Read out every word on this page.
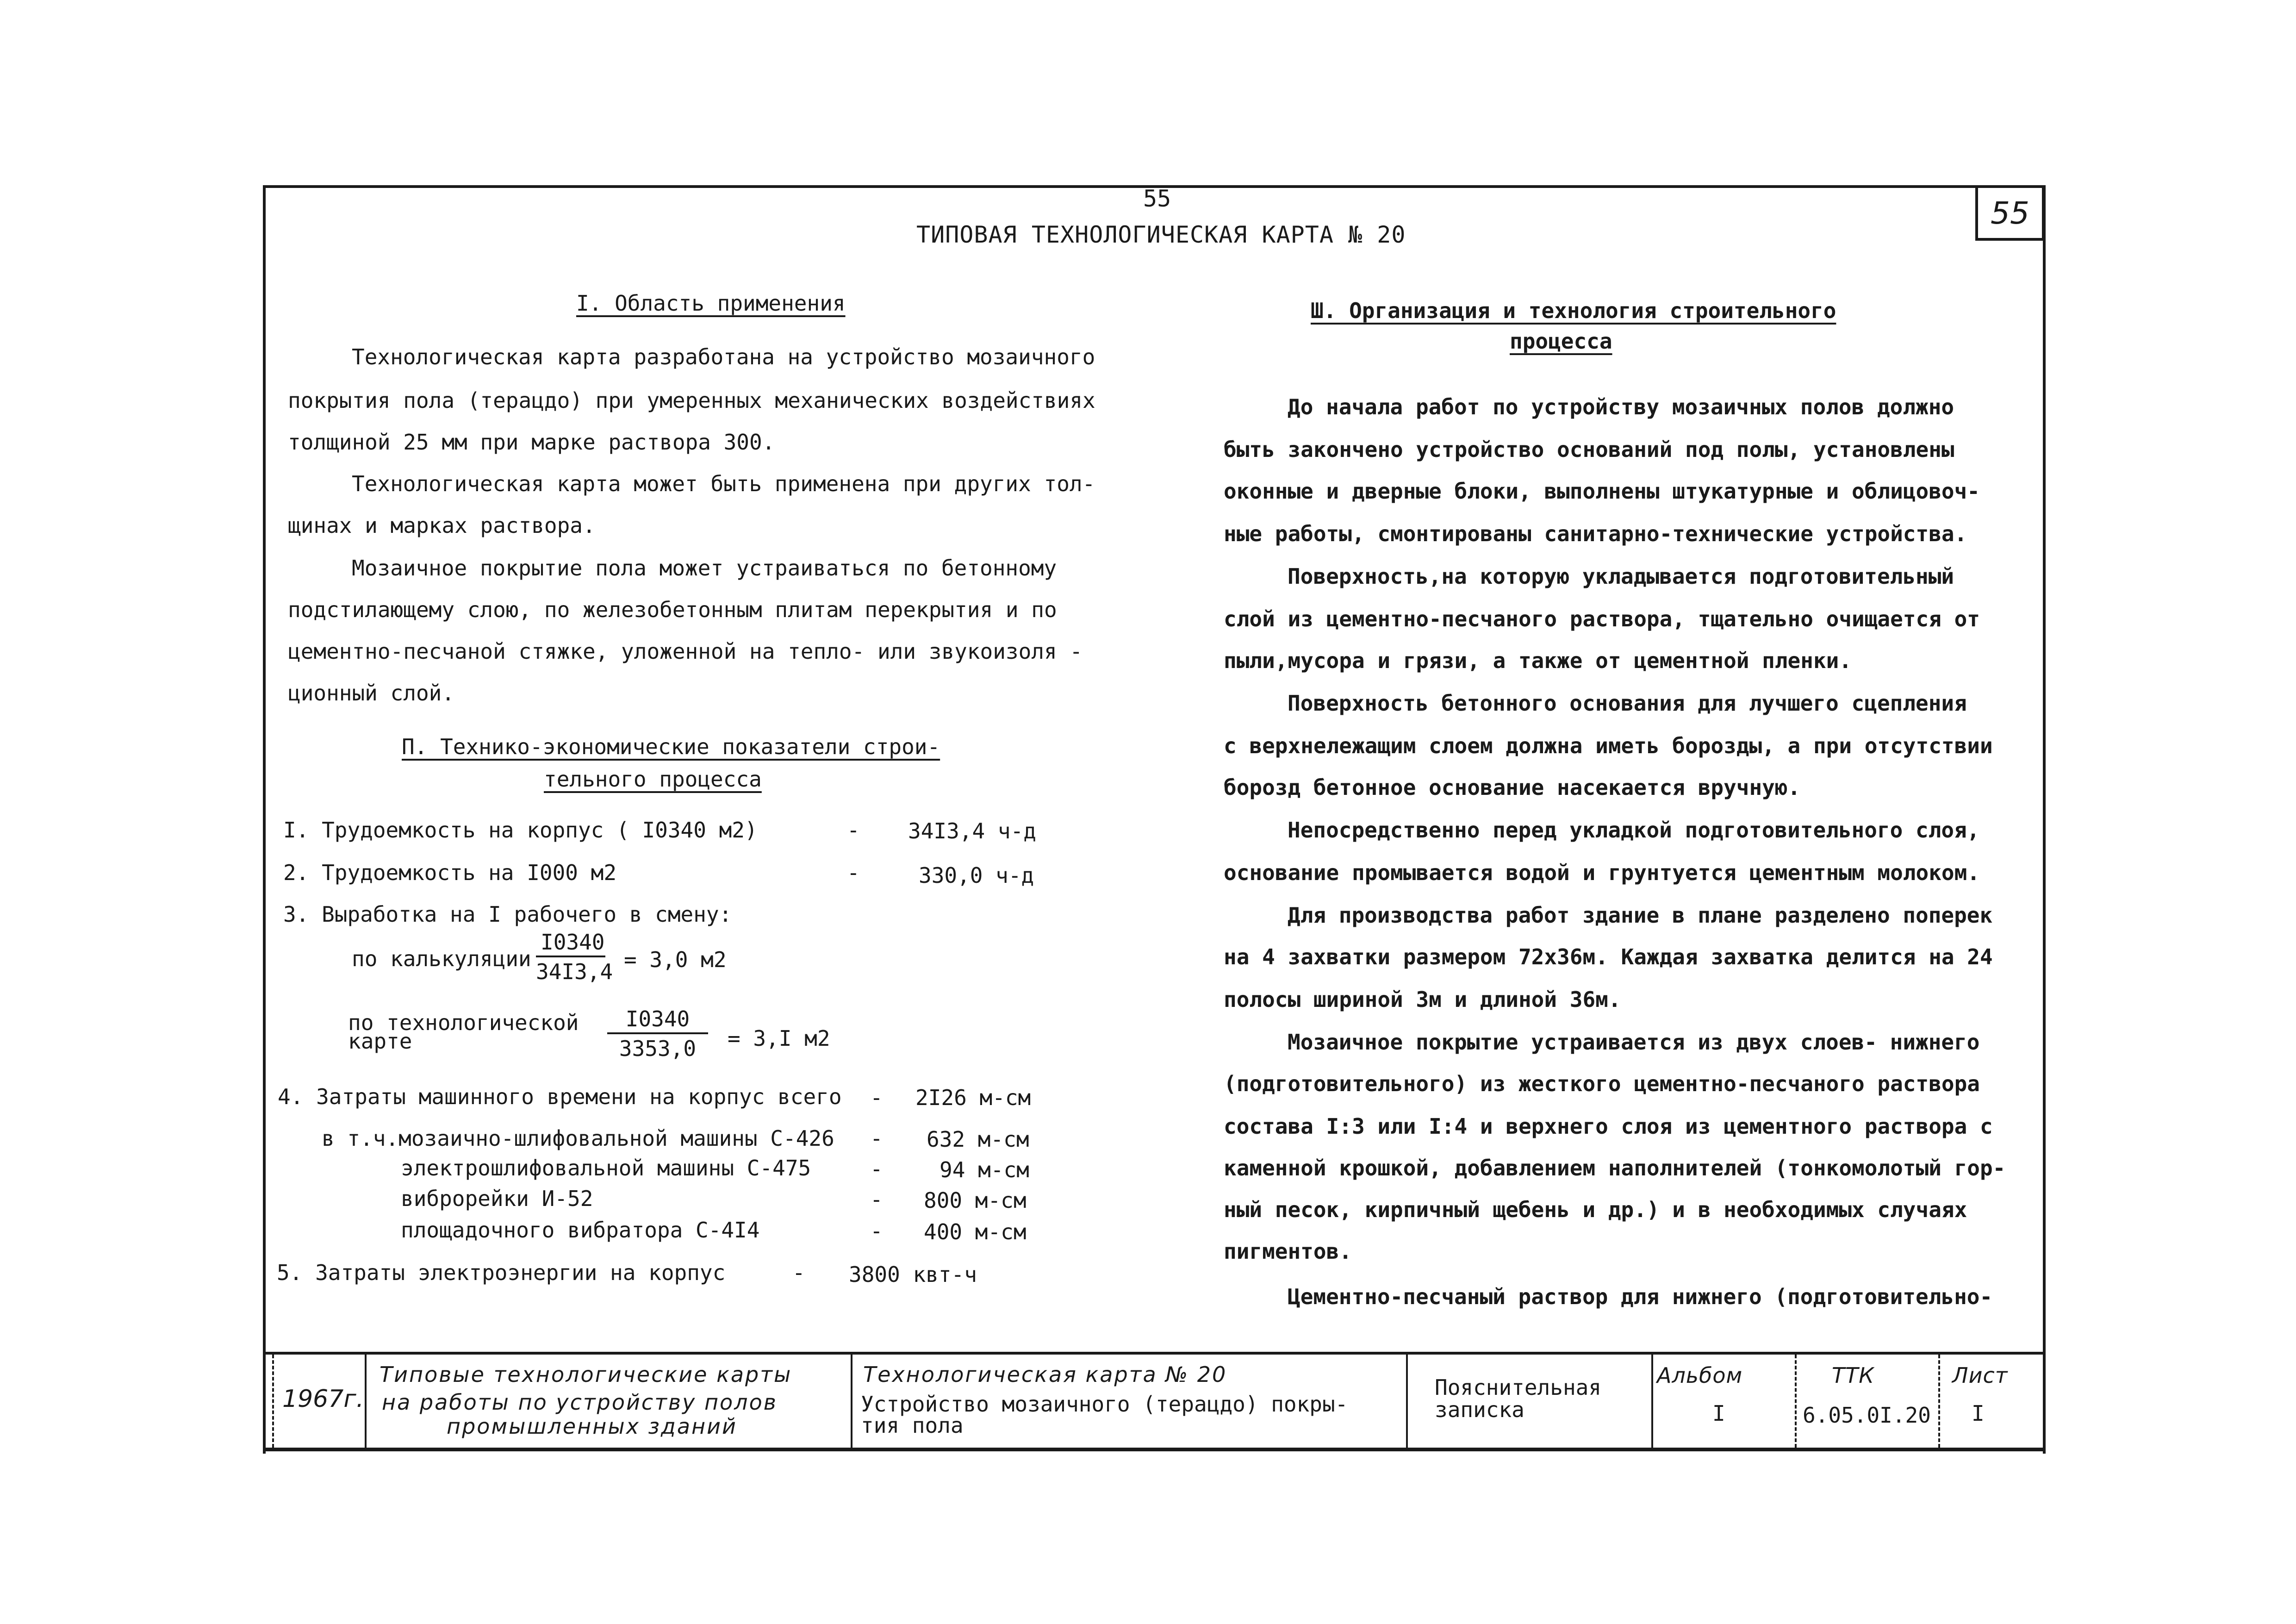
55	55
ТИПОВАЯ ТЕХНОЛОГИЧЕСКАЯ КАРТА № 20
I. Область применения
Технологическая карта разработана на устройство мозаичного
покрытия пола (терацдо) при умеренных механических воздействиях
толщиной 25 мм при марке раствора 300.
Технологическая карта может быть применена при других тол-
щинах и марках раствора.
Мозаичное покрытие пола может устраиваться по бетонному
подстилающему слою, по железобетонным плитам перекрытия и по
цементно-песчаной стяжке, уложенной на тепло- или звукоизоля -
ционный слой.
П. Технико-экономические показатели строи-
тельного процесса
I. Трудоемкость на корпус ( I0340 м2)	- 34I3,4 ч-д
2. Трудоемкость на I000 м2	-	330,0 ч-д
3. Выработка на I рабочего в смену:
по калькуляции $\frac{I0340}{34I3,4} = 3,0$ м2
по технологической
карте	$\frac{I0340}{3353,0} = 3,I$ м2
4. Затраты машинного времени на корпус всего - 2I26 м-см
в т.ч.мозаично-шлифовальной машины С-426 - 632 м-см
электрошлифовальной машины С-475	-	94 м-см
виброрейки И-52	- 800 м-см
площадочного вибратора С-4I4	- 400 м-см
5. Затраты электроэнергии на корпус	- 3800 квт-ч
Ш. Организация и технология строительного
процесса
До начала работ по устройству мозаичных полов должно
быть закончено устройство оснований под полы, установлены
оконные и дверные блоки, выполнены штукатурные и облицовоч-
ные работы, смонтированы санитарно-технические устройства.
Поверхность,на которую укладывается подготовительный
слой из цементно-песчаного раствора, тщательно очищается от
пыли,мусора и грязи, а также от цементной пленки.
Поверхность бетонного основания для лучшего сцепления
с верхнележащим слоем должна иметь борозды, а при отсутствии
борозд бетонное основание насекается вручную.
Непосредственно перед укладкой подготовительного слоя,
основание промывается водой и грунтуется цементным молоком.
Для производства работ здание в плане разделено поперек
на 4 захватки размером 72х36м. Каждая захватка делится на 24
полосы шириной 3м и длиной 36м.
Мозаичное покрытие устраивается из двух слоев- нижнего
(подготовительного) из жесткого цементно-песчаного раствора
состава I:3 или I:4 и верхнего слоя из цементного раствора с
каменной крошкой, добавлением наполнителей (тонкомолотый гор-
ный песок, кирпичный щебень и др.) и в необходимых случаях
пигментов.
Цементно-песчаный раствор для нижнего (подготовительно-
1967г.
Типовые технологические карты
на работы по устройству полов
промышленных зданий
Технологическая карта № 20
Устройство мозаичного (терацдо) покры-
тия пола
Пояснительная
записка
Альбом
I
ТТК
6.05.0I.20
Лист
I
